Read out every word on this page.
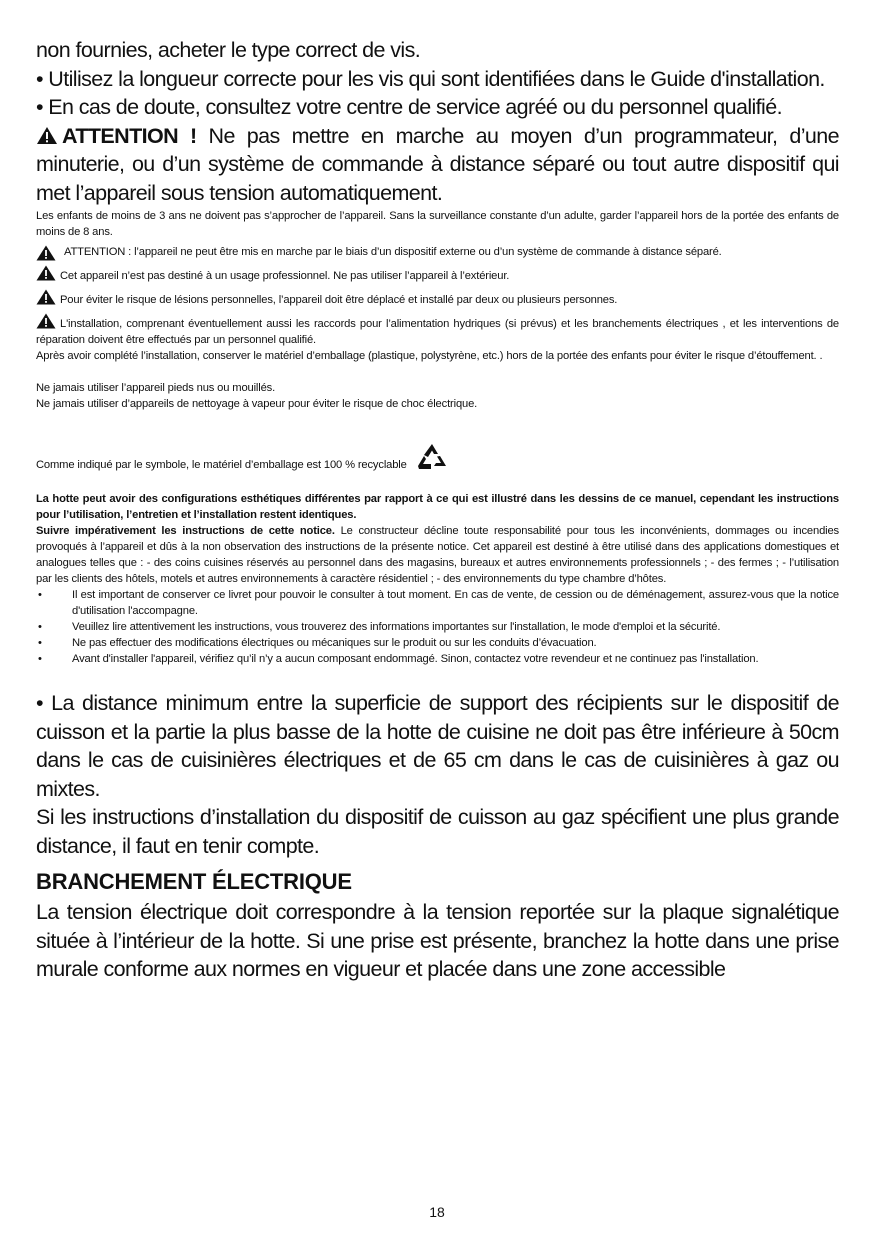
non fournies, acheter le type correct de vis.

• Utilisez la longueur correcte pour les vis qui sont identifiées dans le Guide d'installation.

• En cas de doute, consultez votre centre de service agréé ou du personnel qualifié.

ATTENTION ! Ne pas mettre en marche au moyen d’un programmateur, d’une minuterie, ou d’un système de commande à distance séparé ou tout autre dispositif qui met l’appareil sous tension automatiquement.

Les enfants de moins de 3 ans ne doivent pas s’approcher de l’appareil. Sans la surveillance constante d’un adulte, garder l’appareil hors de la portée des enfants de moins de 8 ans.

ATTENTION : l’appareil ne peut être mis en marche par le biais d’un dispositif externe ou d’un système de commande à distance séparé.

Cet appareil n’est pas destiné à un usage professionnel. Ne pas utiliser l’appareil à l’extérieur.

Pour éviter le risque de lésions personnelles, l’appareil doit être déplacé et installé par deux ou plusieurs personnes.

L'installation, comprenant éventuellement aussi les raccords pour l’alimentation hydriques (si prévus) et les branchements électriques , et les interventions de réparation doivent être effectués par un personnel qualifié.

Après avoir complété l’installation, conserver le matériel d’emballage (plastique, polystyrène, etc.) hors de la portée des enfants pour éviter le risque d’étouffement. .

Ne jamais utiliser l’appareil pieds nus ou mouillés.

Ne jamais utiliser d’appareils de nettoyage à vapeur pour éviter le risque de choc électrique.

Comme indiqué par le symbole, le matériel d’emballage est 100 % recyclable

La hotte peut avoir des configurations esthétiques différentes par rapport à ce qui est illustré dans les dessins de ce manuel, cependant les instructions pour l’utilisation, l’entretien et l’installation restent identiques.

Suivre impérativement les instructions de cette notice. Le constructeur décline toute responsabilité pour tous les inconvénients, dommages ou incendies provoqués à l’appareil et dûs à la non observation des instructions de la présente notice. Cet appareil est destiné à être utilisé dans des applications domestiques et analogues telles que : - des coins cuisines réservés au personnel dans des magasins, bureaux et autres environnements professionnels ; - des fermes ; - l’utilisation par les clients des hôtels, motels et autres environnements à caractère résidentiel ; - des environnements du type chambre d’hôtes.

•	Il est important de conserver ce livret pour pouvoir le consulter à tout moment. En cas de vente, de cession ou de déménagement, assurez-vous que la notice d'utilisation l'accompagne.
•	Veuillez lire attentivement les instructions, vous trouverez des informations importantes sur l'installation, le mode d'emploi et la sécurité.
•	Ne pas effectuer des modifications électriques ou mécaniques sur le produit ou sur les conduits d’évacuation.
•	Avant d'installer l'appareil, vérifiez qu’il n’y a aucun composant endommagé. Sinon, contactez votre revendeur et ne continuez pas l'installation.

• La distance minimum entre la superficie de support des récipients sur le dispositif de cuisson et la partie la plus basse de la hotte de cuisine ne doit pas être inférieure à 50cm dans le cas de cuisinières électriques et de 65 cm dans le cas de cuisinières à gaz ou mixtes.

Si les instructions d’installation du dispositif de cuisson au gaz spécifient une plus grande distance, il faut en tenir compte.

BRANCHEMENT ÉLECTRIQUE

La tension électrique doit correspondre à la tension reportée sur la plaque signalétique située à l’intérieur de la hotte. Si une prise est présente, branchez la hotte dans une prise murale conforme aux normes en vigueur et placée dans une zone accessible

18
